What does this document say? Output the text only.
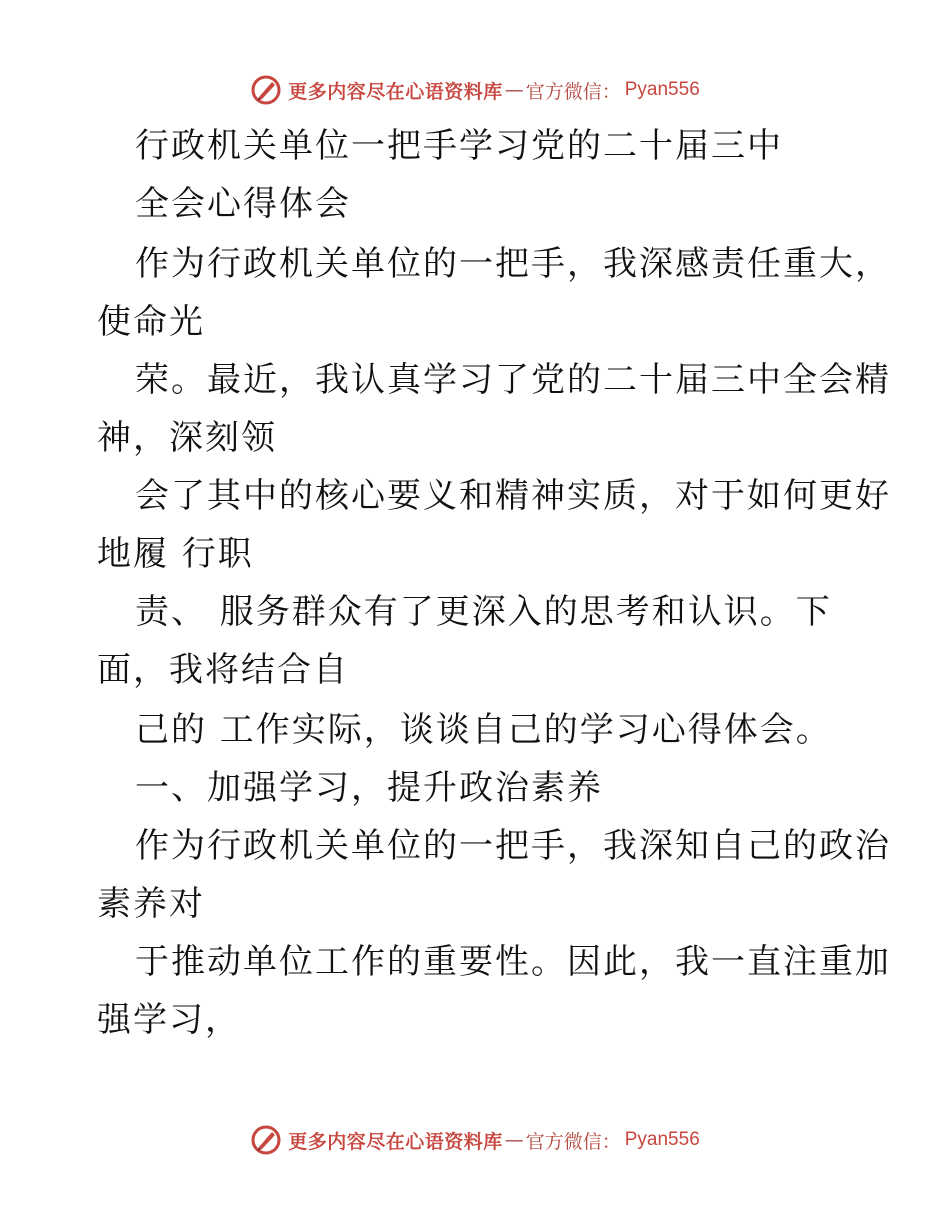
更多内容尽在心语资料库 — 官方微信： Pyan556
行政机关单位一把手学习党的二十届三中
全会心得体会
作为行政机关单位的一把手，我深感责任重大，
使命光
荣。最近，我认真学习了党的二十届三中全会精
神，深刻领
会了其中的核心要义和精神实质，对于如何更好
地履 行职
责、 服务群众有了更深入的思考和认识。下
面，我将结合自
己的 工作实际，谈谈自己的学习心得体会。
一、加强学习，提升政治素养
作为行政机关单位的一把手，我深知自己的政治
素养对
于推动单位工作的重要性。因此，我一直注重加
强学习，
更多内容尽在心语资料库 — 官方微信： Pyan556
